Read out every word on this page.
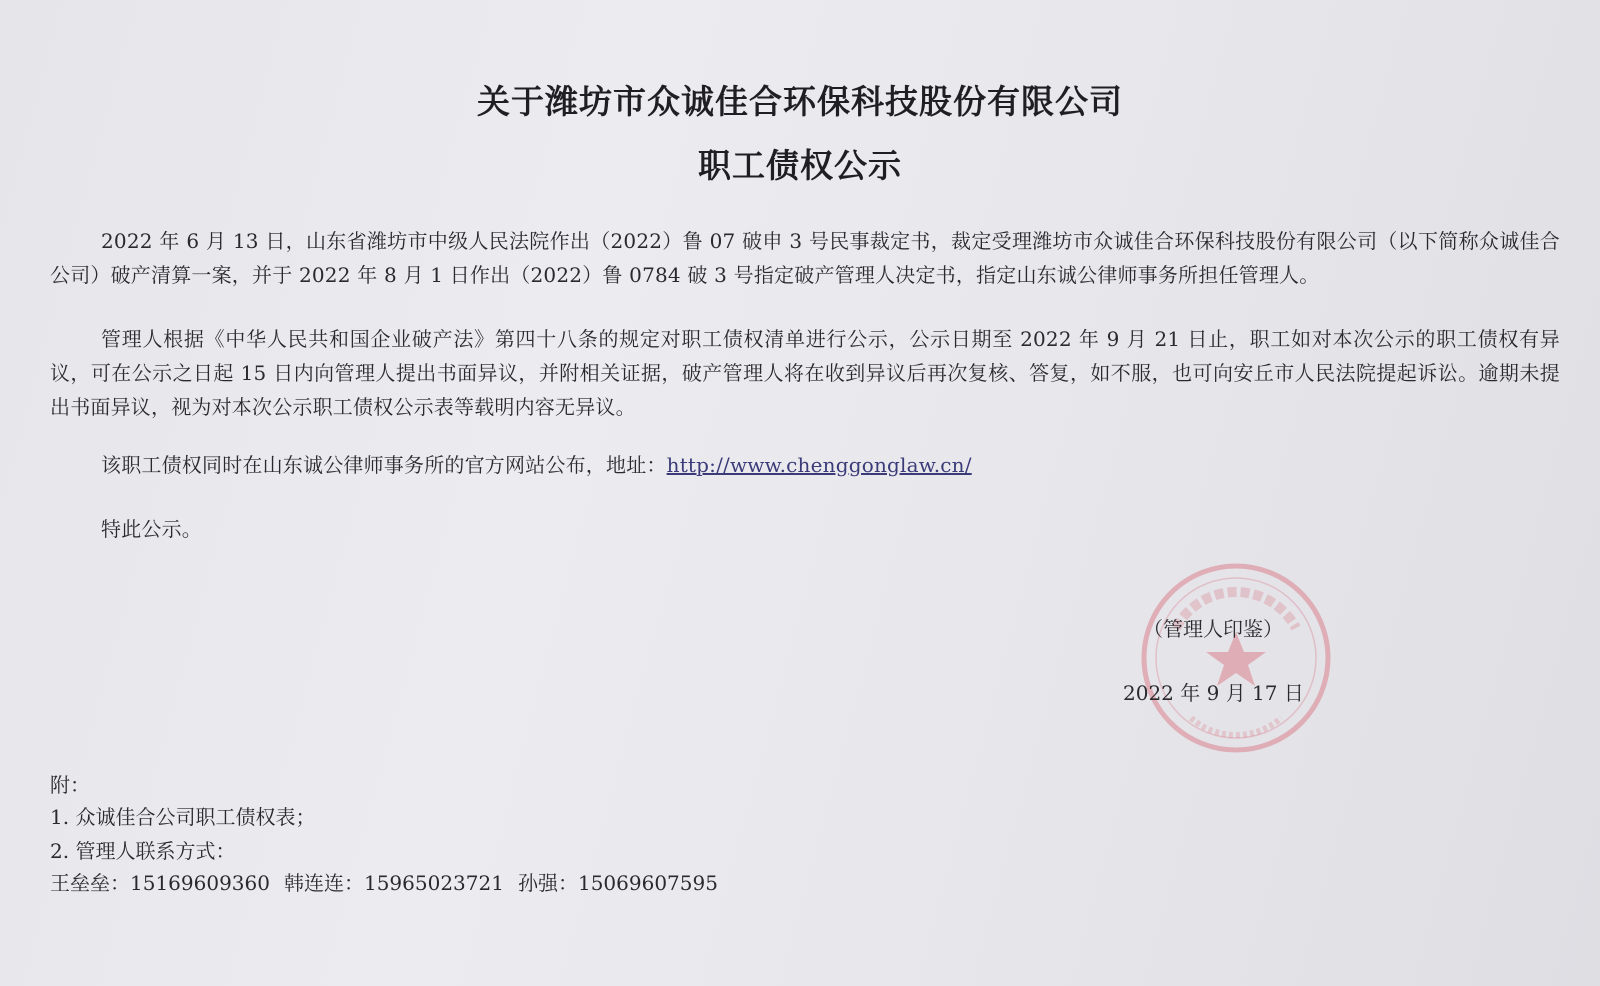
关于潍坊市众诚佳合环保科技股份有限公司
职工债权公示
2022 年 6 月 13 日，山东省潍坊市中级人民法院作出（2022）鲁 07 破申 3 号民事裁定书，裁定受理潍坊市众诚佳合环保科技股份有限公司（以下简称众诚佳合公司）破产清算一案，并于 2022 年 8 月 1 日作出（2022）鲁 0784 破 3 号指定破产管理人决定书，指定山东诚公律师事务所担任管理人。
管理人根据《中华人民共和国企业破产法》第四十八条的规定对职工债权清单进行公示，公示日期至 2022 年 9 月 21 日止，职工如对本次公示的职工债权有异议，可在公示之日起 15 日内向管理人提出书面异议，并附相关证据，破产管理人将在收到异议后再次复核、答复，如不服，也可向安丘市人民法院提起诉讼。逾期未提出书面异议，视为对本次公示职工债权公示表等载明内容无异议。
该职工债权同时在山东诚公律师事务所的官方网站公布，地址：http://www.chenggonglaw.cn/
特此公示。
（管理人印鉴）
2022 年 9 月 17 日
附：
1. 众诚佳合公司职工债权表；
2. 管理人联系方式：
王垒垒：15169609360 韩连连：15965023721 孙强：15069607595
